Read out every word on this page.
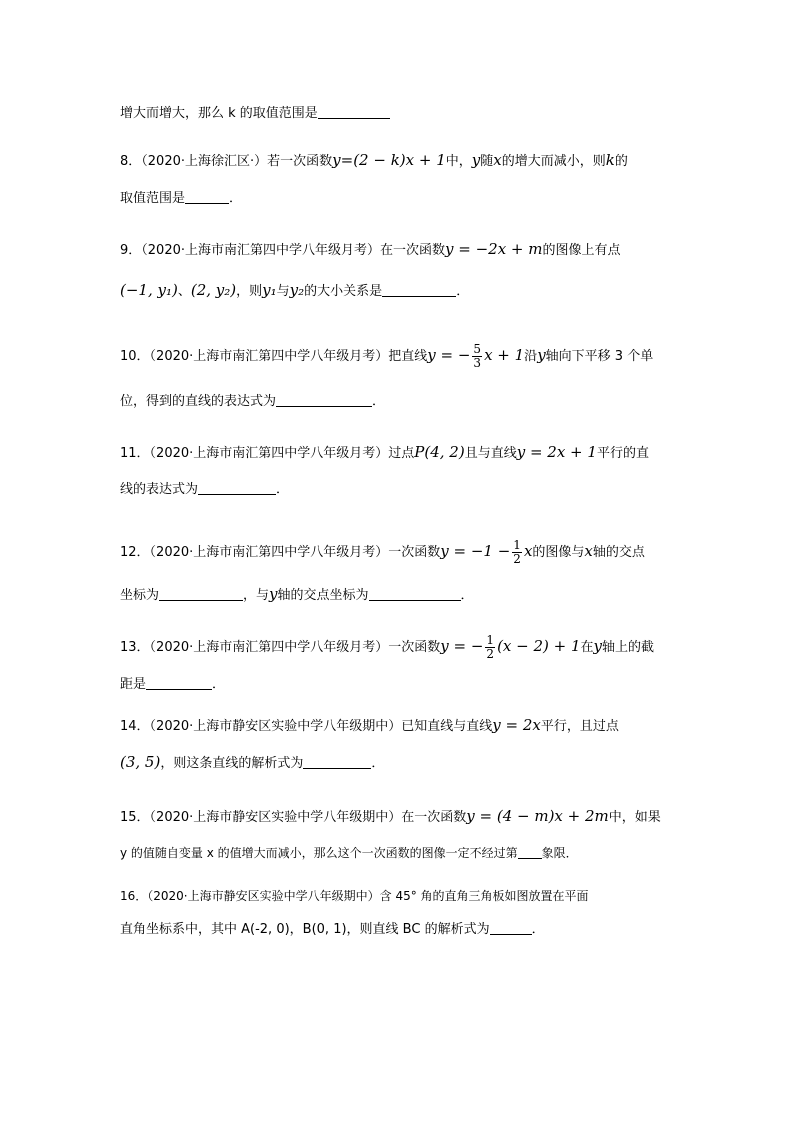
增大而增大，那么 k 的取值范围是
8．（2020·上海徐汇区·）若一次函数y=(2 − k)x + 1中，y随x的增大而减小，则k的
取值范围是	．
9．（2020·上海市南汇第四中学八年级月考）在一次函数y = −2x + m的图像上有点
(−1, y₁)、(2, y₂)，则y₁与y₂的大小关系是	．
10．（2020·上海市南汇第四中学八年级月考）把直线y = − $\frac{5}{3}$ x + 1沿y轴向下平移 3 个单
位，得到的直线的表达式为	．
11．（2020·上海市南汇第四中学八年级月考）过点P(4, 2)且与直线y = 2x + 1平行的直
线的表达式为	．
12．（2020·上海市南汇第四中学八年级月考）一次函数$y = -1 - \frac{1}{2}$ x的图像与x轴的交点
坐标为	，与y轴的交点坐标为	．
13．（2020·上海市南汇第四中学八年级月考）一次函数y = − $\frac{1}{2} (x - 2) + 1$在y轴上的截
距是	．
14．（2020·上海市静安区实验中学八年级期中）已知直线与直线y = 2x平行，且过点
(3, 5)，则这条直线的解析式为	．
15．（2020·上海市静安区实验中学八年级期中）在一次函数y = (4 − m)x + 2m中，如果
y 的值随自变量 x 的值增大而减小，那么这个一次函数的图像一定不经过第 象限．
16．（2020·上海市静安区实验中学八年级期中）含 45° 角的直角三角板如图放置在平面
直角坐标系中，其中 A(-2, 0)，B(0, 1)，则直线 BC 的解析式为	．
